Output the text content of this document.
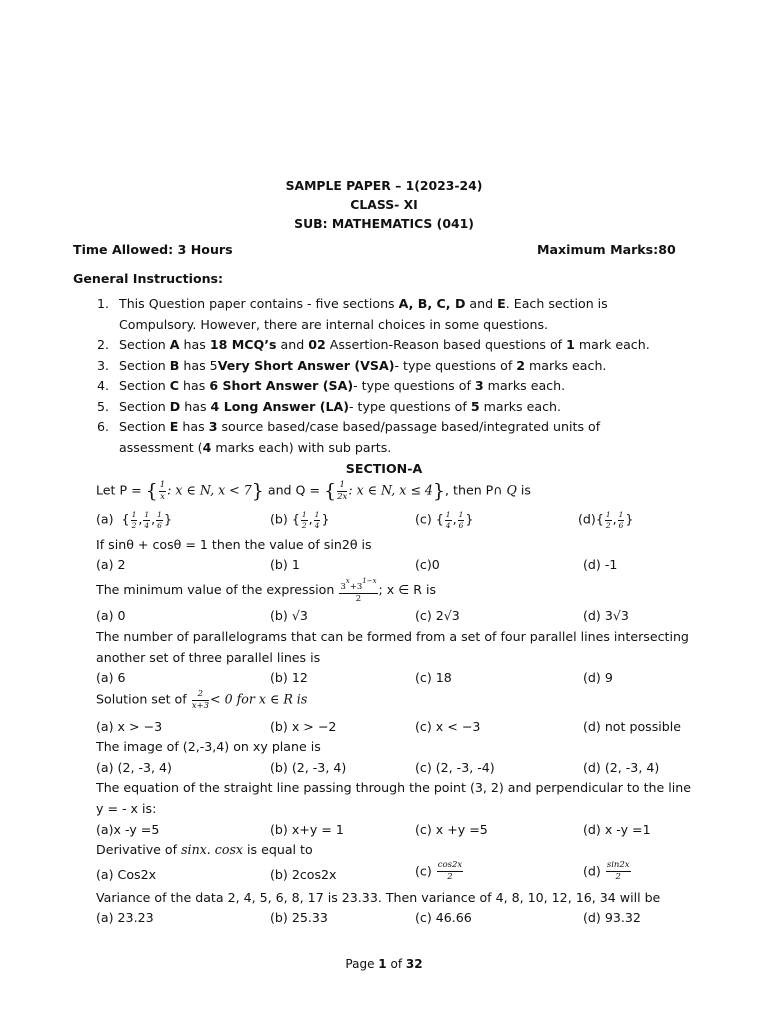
SAMPLE PAPER – 1(2023-24)
CLASS- XI
SUB: MATHEMATICS (041)
Time Allowed: 3 Hours	Maximum Marks:80
General Instructions:
1. This Question paper contains - five sections A, B, C, D and E. Each section is
Compulsory. However, there are internal choices in some questions.
2. Section A has 18 MCQ’s and 02 Assertion-Reason based questions of 1 mark each.
3. Section B has 5Very Short Answer (VSA)- type questions of 2 marks each.
4. Section C has 6 Short Answer (SA)- type questions of 3 marks each.
5. Section D has 4 Long Answer (LA)- type questions of 5 marks each.
6. Section E has 3 source based/case based/passage based/integrated units of
assessment (4 marks each) with sub parts.
SECTION-A
Let P = { $\frac{1}{x}$ : x ∈ N, x < 7} and Q = { $\frac{1}{2x}$ : x ∈ N, x ≤ 4}, then P∩ Q is
(a)  { $\frac{1}{2}$ , $\frac{1}{4}$ , $\frac{1}{6}$ }	(b) { $\frac{1}{2}$ , $\frac{1}{4}$ }	(c) { $\frac{1}{4}$ , $\frac{1}{6}$ }	$(d)\{ \frac{1}{2}$ , $\frac{1}{6}$ }
If sinθ + cosθ = 1 then the value of sin2θ is
(a) 2	(b) 1	(c)0	(d) -1
The minimum value of the expression $\frac{3^x+3^{1-x}}{2}$ ; x ∈ R is
(a) 0	(b) √3	(c) 2√3	(d) 3√3
The number of parallelograms that can be formed from a set of four parallel lines intersecting
another set of three parallel lines is
(a) 6	(b) 12	(c) 18	(d) 9
Solution set of $\frac{2}{x+3} < 0$ for x ∈ R is
(a) x > −3	(b) x > −2	(c) x < −3	(d) not possible
The image of (2,-3,4) on xy plane is
(a) (2, -3, 4)	(b) (2, -3, 4)	(c) (2, -3, -4)	(d) (2, -3, 4)
The equation of the straight line passing through the point (3, 2) and perpendicular to the line
y = - x is:
(a)x -y =5	(b) x+y = 1	(c) x +y =5	(d) x -y =1
Derivative of sinx. cosx is equal to
(a) Cos2x	(b) 2cos2x	$(c) \frac{\cos 2x}{2}$	$(d) \frac{\sin 2x}{2}$
Variance of the data 2, 4, 5, 6, 8, 17 is 23.33. Then variance of 4, 8, 10, 12, 16, 34 will be
(a) 23.23	(b) 25.33	(c) 46.66	(d) 93.32
Page 1 of 32
